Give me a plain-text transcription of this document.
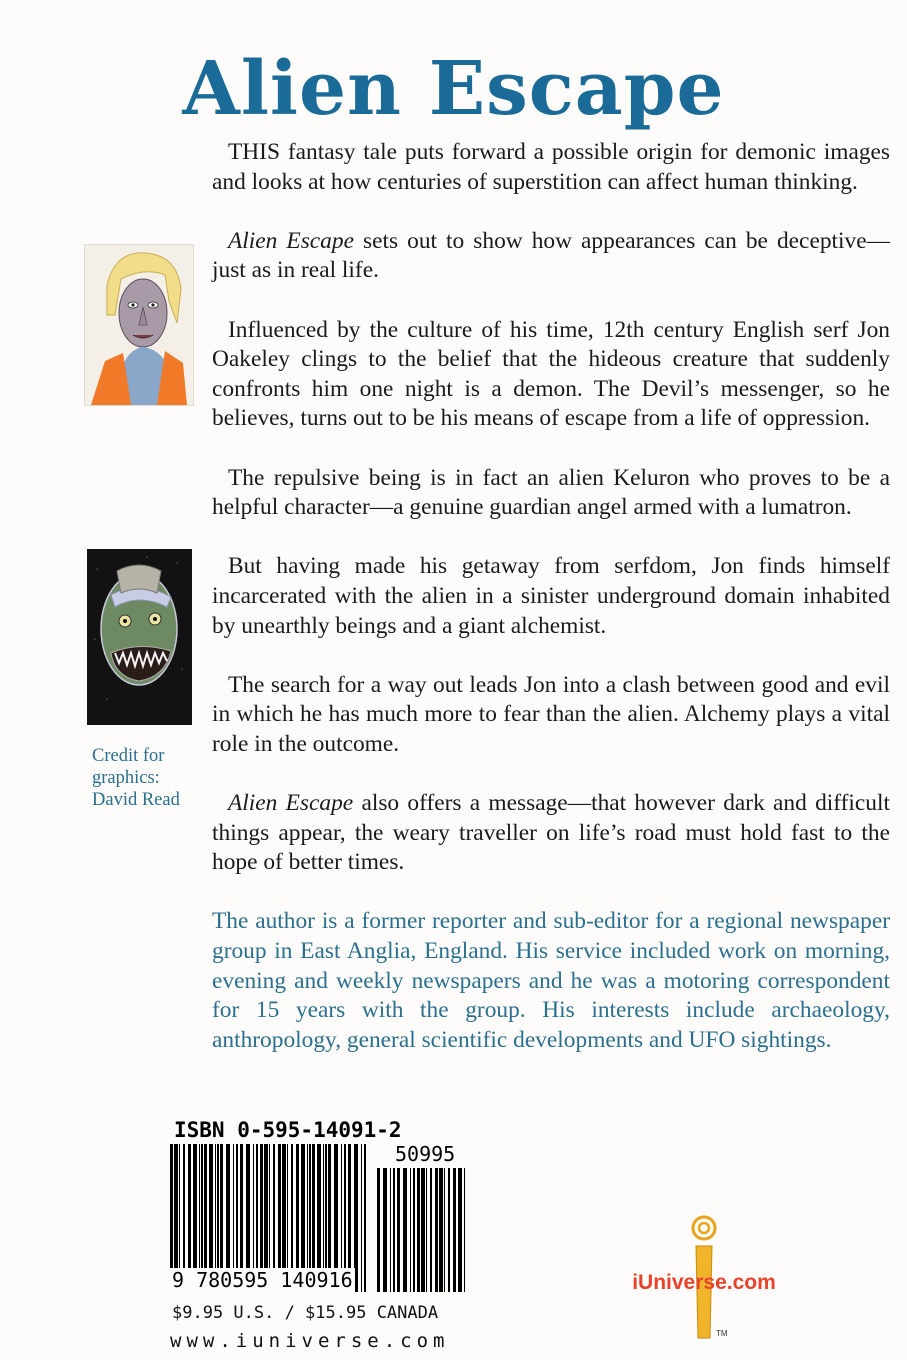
Alien Escape
Credit for graphics: David Read

THIS fantasy tale puts forward a possible origin for demonic images and looks at how centuries of superstition can affect human thinking.

Alien Escape sets out to show how appearances can be deceptive—just as in real life.

Influenced by the culture of his time, 12th century English serf Jon Oakeley clings to the belief that the hideous creature that suddenly confronts him one night is a demon. The Devil’s messenger, so he believes, turns out to be his means of escape from a life of oppression.

The repulsive being is in fact an alien Keluron who proves to be a helpful character—a genuine guardian angel armed with a lumatron.

But having made his getaway from serfdom, Jon finds himself incarcerated with the alien in a sinister underground domain inhabited by unearthly beings and a giant alchemist.

The search for a way out leads Jon into a clash between good and evil in which he has much more to fear than the alien. Alchemy plays a vital role in the outcome.

Alien Escape also offers a message—that however dark and difficult things appear, the weary traveller on life’s road must hold fast to the hope of better times.

The author is a former reporter and sub-editor for a regional newspaper group in East Anglia, England. His service included work on morning, evening and weekly newspapers and he was a motoring correspondent for 15 years with the group. His interests include archaeology, anthropology, general scientific developments and UFO sightings.

ISBN 0-595-14091-2
50995
9 780595 140916
$9.95 U.S. / $15.95 CANADA
www.iuniverse.com	TM
iUniverse.com
